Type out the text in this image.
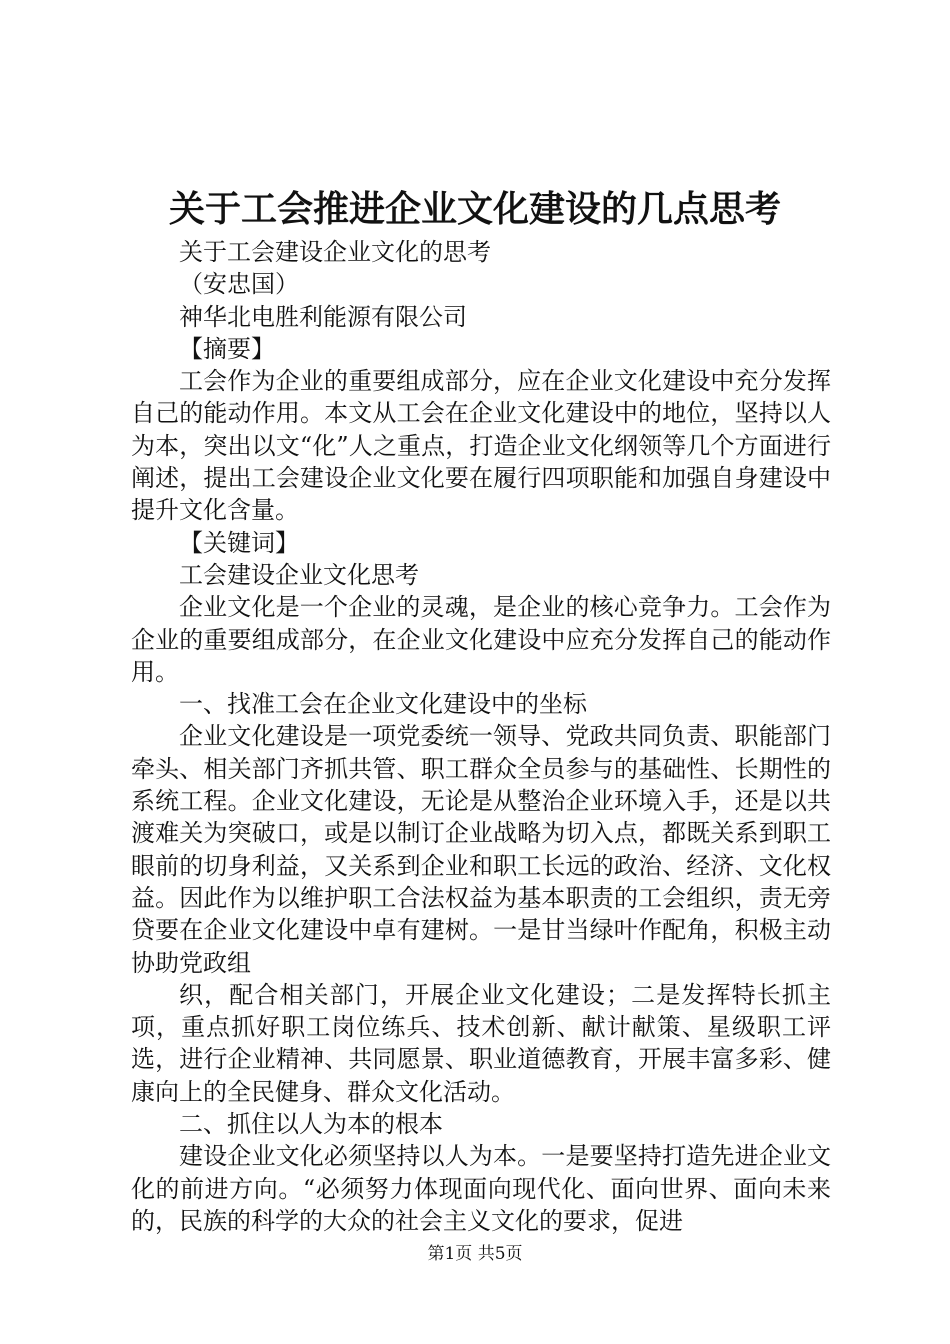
关于工会推进企业文化建设的几点思考

关于工会建设企业文化的思考

（安忠国）

神华北电胜利能源有限公司

【摘要】

工会作为企业的重要组成部分，应在企业文化建设中充分发挥自己的能动作用。本文从工会在企业文化建设中的地位，坚持以人为本，突出以文“化”人之重点，打造企业文化纲领等几个方面进行阐述，提出工会建设企业文化要在履行四项职能和加强自身建设中提升文化含量。

【关键词】

工会建设企业文化思考

企业文化是一个企业的灵魂，是企业的核心竞争力。工会作为企业的重要组成部分，在企业文化建设中应充分发挥自己的能动作用。

一、找准工会在企业文化建设中的坐标

企业文化建设是一项党委统一领导、党政共同负责、职能部门牵头、相关部门齐抓共管、职工群众全员参与的基础性、长期性的系统工程。企业文化建设，无论是从整治企业环境入手，还是以共渡难关为突破口，或是以制订企业战略为切入点，都既关系到职工眼前的切身利益，又关系到企业和职工长远的政治、经济、文化权益。因此作为以维护职工合法权益为基本职责的工会组织，责无旁贷要在企业文化建设中卓有建树。一是甘当绿叶作配角，积极主动协助党政组

织，配合相关部门，开展企业文化建设；二是发挥特长抓主项，重点抓好职工岗位练兵、技术创新、献计献策、星级职工评选，进行企业精神、共同愿景、职业道德教育，开展丰富多彩、健康向上的全民健身、群众文化活动。

二、抓住以人为本的根本

建设企业文化必须坚持以人为本。一是要坚持打造先进企业文化的前进方向。“必须努力体现面向现代化、面向世界、面向未来的，民族的科学的大众的社会主义文化的要求，促进

第1页 共5页
